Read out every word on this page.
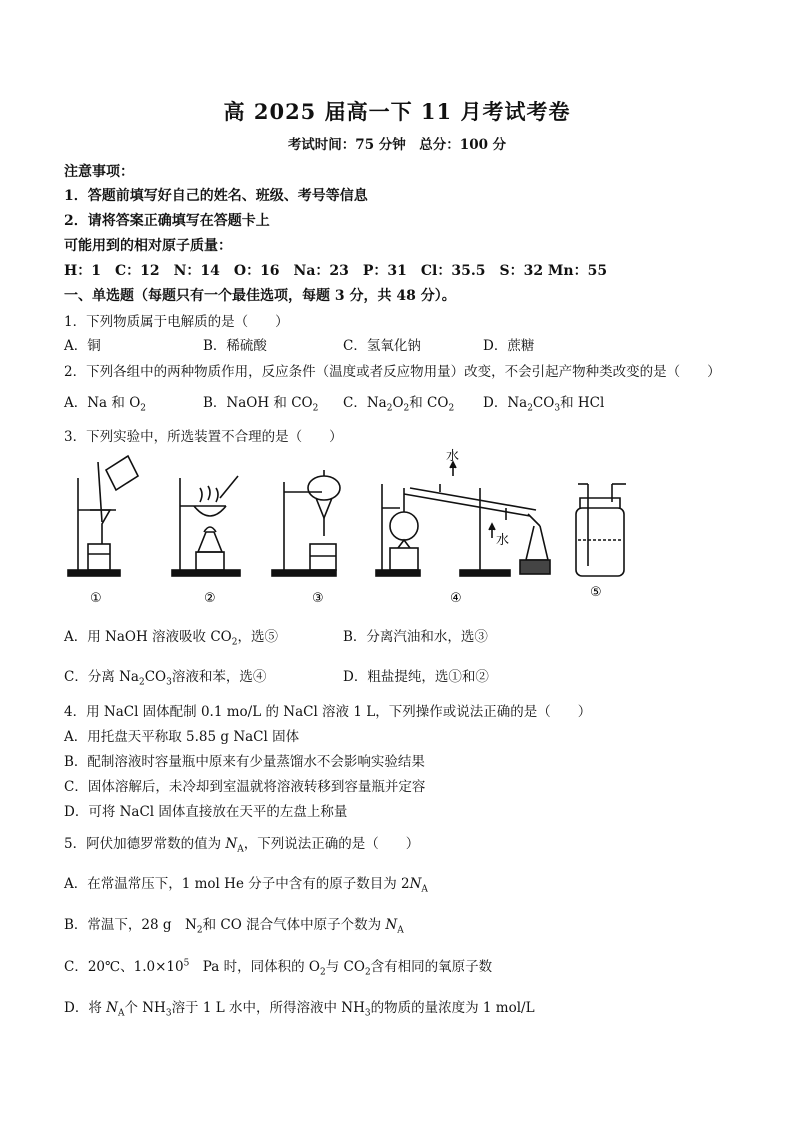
高 2025 届高一下 11 月考试考卷
考试时间：75 分钟　总分：100 分
注意事项：
1．答题前填写好自己的姓名、班级、考号等信息
2．请将答案正确填写在答题卡上
可能用到的相对原子质量：
H：1　C：12　N：14　O：16　Na：23　P：31　Cl：35.5　S：32 Mn：55
一、单选题（每题只有一个最佳选项，每题 3 分，共 48 分）。
1．下列物质属于电解质的是（　　）
A．铜	B．稀硫酸	C．氢氧化钠	D．蔗糖
2．下列各组中的两种物质作用，反应条件（温度或者反应物用量）改变，不会引起产物种类改变的是（　　）
A．Na 和 $O_2$	B．NaOH 和 $CO_2$ C．$Na_2O_2$和 $CO_2$ D．$Na_2CO_3$和 HCl
3．下列实验中，所选装置不合理的是（　　）
水
水
①	②	③	④	⑤
A．用 NaOH 溶液吸收 $CO_2$，选⑤	B．分离汽油和水，选③
C．分离 $Na_2CO_3$溶液和苯，选④	D．粗盐提纯，选①和②
4．用 NaCl 固体配制 0.1 mo/L 的 NaCl 溶液 1 L，下列操作或说法正确的是（　　）
A．用托盘天平称取 5.85 g NaCl 固体
B．配制溶液时容量瓶中原来有少量蒸馏水不会影响实验结果
C．固体溶解后，未冷却到室温就将溶液转移到容量瓶并定容
D．可将 NaCl 固体直接放在天平的左盘上称量
5．阿伏加德罗常数的值为 $N_A$，下列说法正确的是（　　）
A．在常温常压下，1 mol He 分子中含有的原子数目为 $2N_A$
B．常温下，28 g　$N_2$和 CO 混合气体中原子个数为 $N_A$
C．20℃、$1.0\times 10^5$　Pa 时，同体积的 $O_2$与 $CO_2$含有相同的氧原子数
D．将 $N_A$个 $NH_3$溶于 1 L 水中，所得溶液中 $NH_3$的物质的量浓度为 1 mol/L
